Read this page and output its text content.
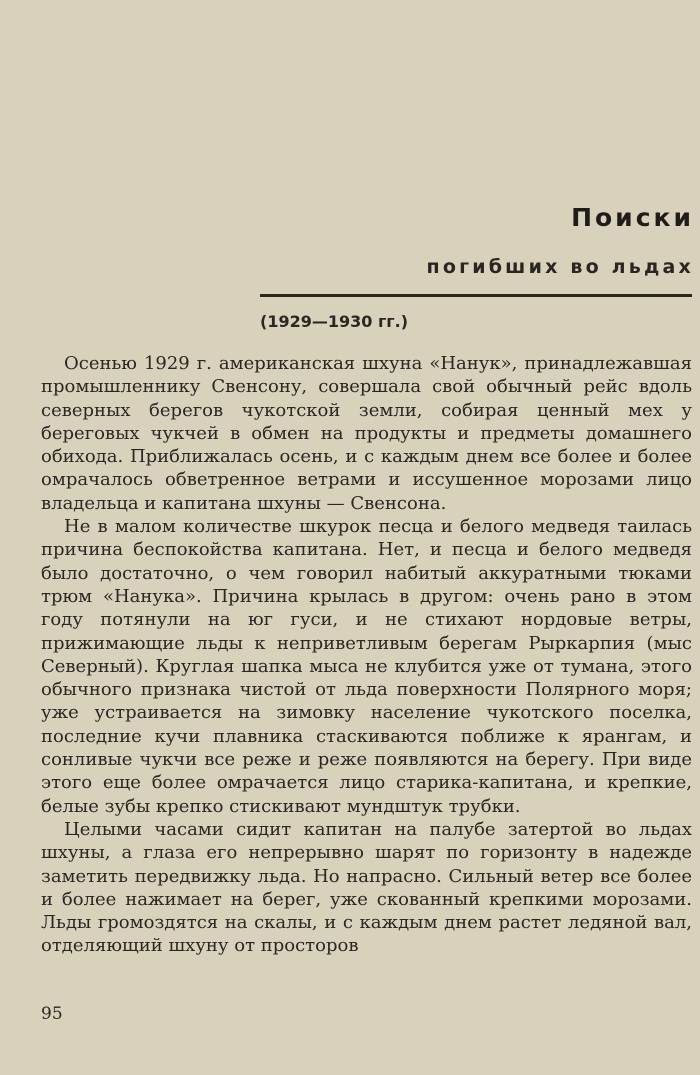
Поиски
погибших во льдах
(1929—1930 гг.)

Осенью 1929 г. американская шхуна «Нанук», принадлежавшая промышленнику Свенсону, совершала свой обычный рейс вдоль северных берегов чукотской земли, собирая ценный мех у береговых чукчей в обмен на продукты и предметы домашнего обихода. Приближалась осень, и с каждым днем все более и более омрачалось обветренное ветрами и иссушенное морозами лицо владельца и капитана шхуны — Свенсона.

Не в малом количестве шкурок песца и белого медведя таилась причина беспокойства капитана. Нет, и песца и белого медведя было достаточно, о чем говорил набитый аккуратными тюками трюм «Нанука». Причина крылась в другом: очень рано в этом году потянули на юг гуси, и не стихают нордовые ветры, прижимающие льды к неприветливым берегам Рыркарпия (мыс Северный). Круглая шапка мыса не клубится уже от тумана, этого обычного признака чистой от льда поверхности Полярного моря; уже устраивается на зимовку население чукотского поселка, последние кучи плавника стаскиваются поближе к ярангам, и сонливые чукчи все реже и реже появляются на берегу. При виде этого еще более омрачается лицо старика-капитана, и крепкие, белые зубы крепко стискивают мундштук трубки.

Целыми часами сидит капитан на палубе затертой во льдах шхуны, а глаза его непрерывно шарят по горизонту в надежде заметить передвижку льда. Но напрасно. Сильный ветер все более и более нажимает на берег, уже скованный крепкими морозами. Льды громоздятся на скалы, и с каждым днем растет ледяной вал, отделяющий шхуну от просторов

95
